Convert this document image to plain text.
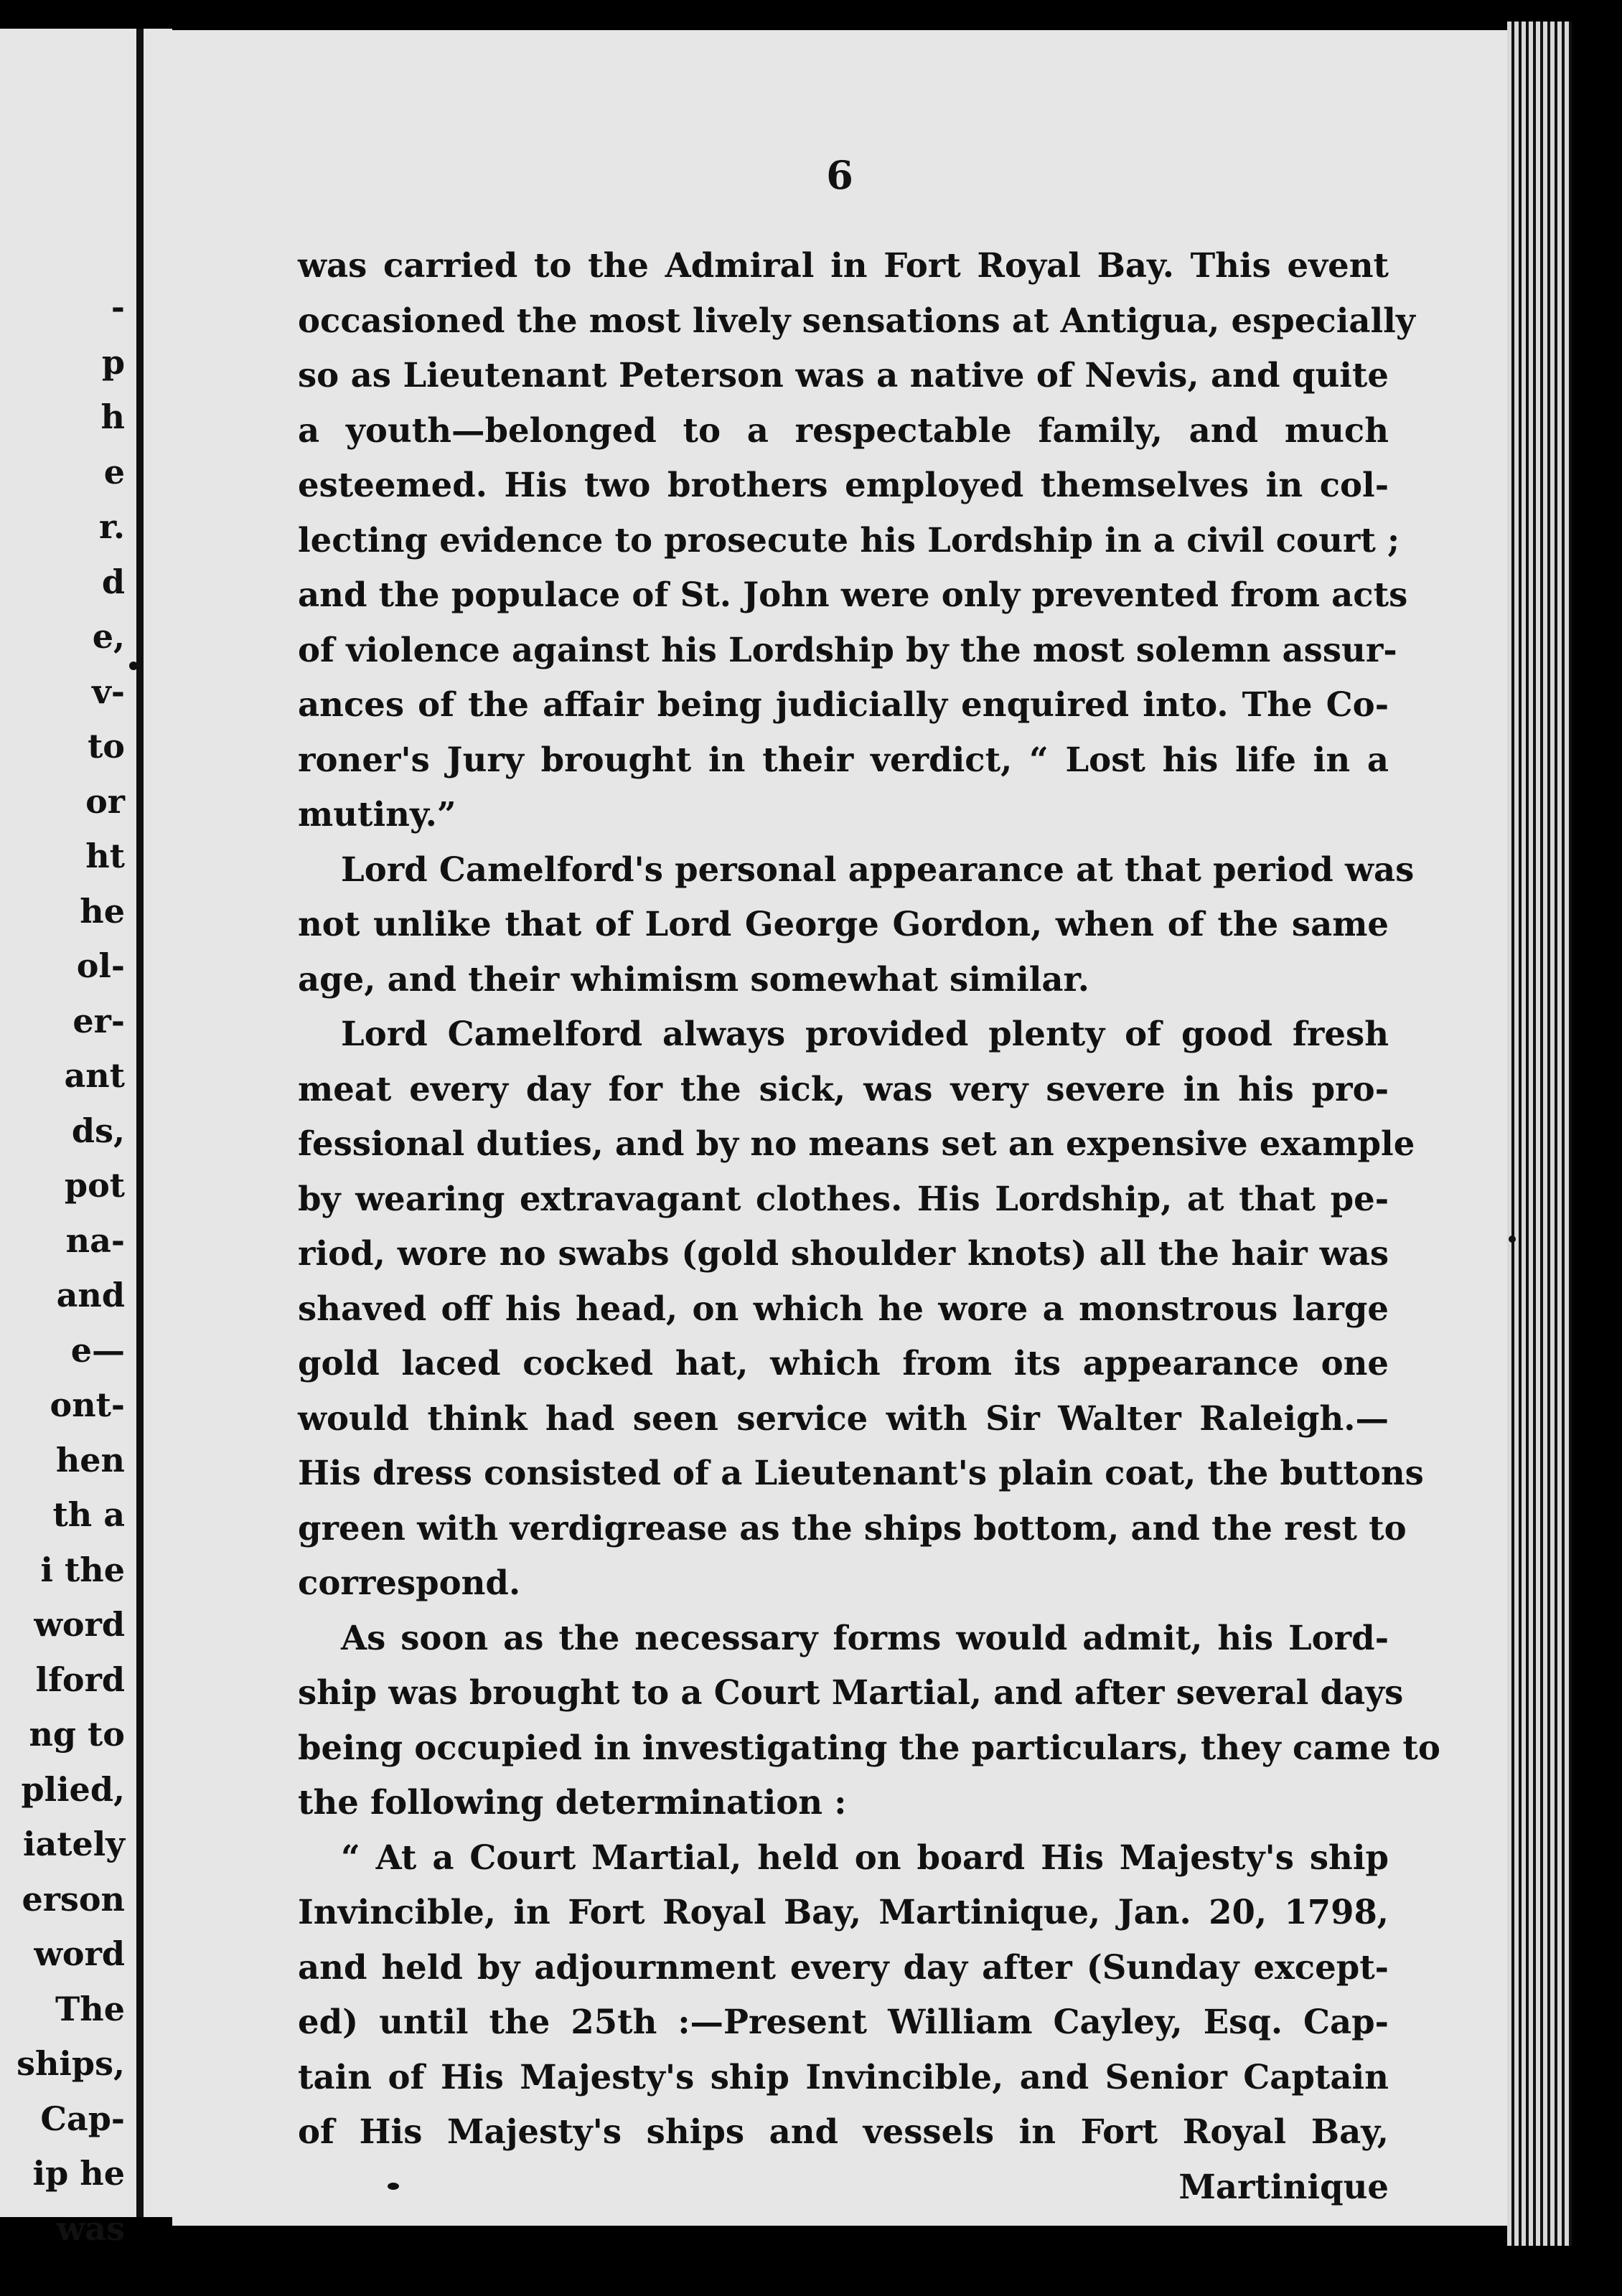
-
p
h
e
r.
d
e,
v-
to
or
ht
he
ol-
er-
ant
ds,
pot
na-
and
e—
ont-
hen
th a
i the
word
lford
ng to
plied,
iately
erson
word
The
ships,
Cap-
ip he
was
6

was carried to the Admiral in Fort Royal Bay. This event
occasioned the most lively sensations at Antigua, especially
so as Lieutenant Peterson was a native of Nevis, and quite
a youth—belonged to a respectable family, and much
esteemed. His two brothers employed themselves in col-
lecting evidence to prosecute his Lordship in a civil court ;
and the populace of St. John were only prevented from acts
of violence against his Lordship by the most solemn assur-
ances of the affair being judicially enquired into. The Co-
roner's Jury brought in their verdict, “ Lost his life in a
mutiny.”

Lord Camelford's personal appearance at that period was
not unlike that of Lord George Gordon, when of the same
age, and their whimism somewhat similar.

Lord Camelford always provided plenty of good fresh
meat every day for the sick, was very severe in his pro-
fessional duties, and by no means set an expensive example
by wearing extravagant clothes. His Lordship, at that pe-
riod, wore no swabs (gold shoulder knots) all the hair was
shaved off his head, on which he wore a monstrous large
gold laced cocked hat, which from its appearance one
would think had seen service with Sir Walter Raleigh.—
His dress consisted of a Lieutenant's plain coat, the buttons
green with verdigrease as the ships bottom, and the rest to
correspond.

As soon as the necessary forms would admit, his Lord-
ship was brought to a Court Martial, and after several days
being occupied in investigating the particulars, they came to
the following determination :

“ At a Court Martial, held on board His Majesty's ship
Invincible, in Fort Royal Bay, Martinique, Jan. 20, 1798,
and held by adjournment every day after (Sunday except-
ed) until the 25th :—Present William Cayley, Esq. Cap-
tain of His Majesty's ship Invincible, and Senior Captain
of His Majesty's ships and vessels in Fort Royal Bay,

Martinique
